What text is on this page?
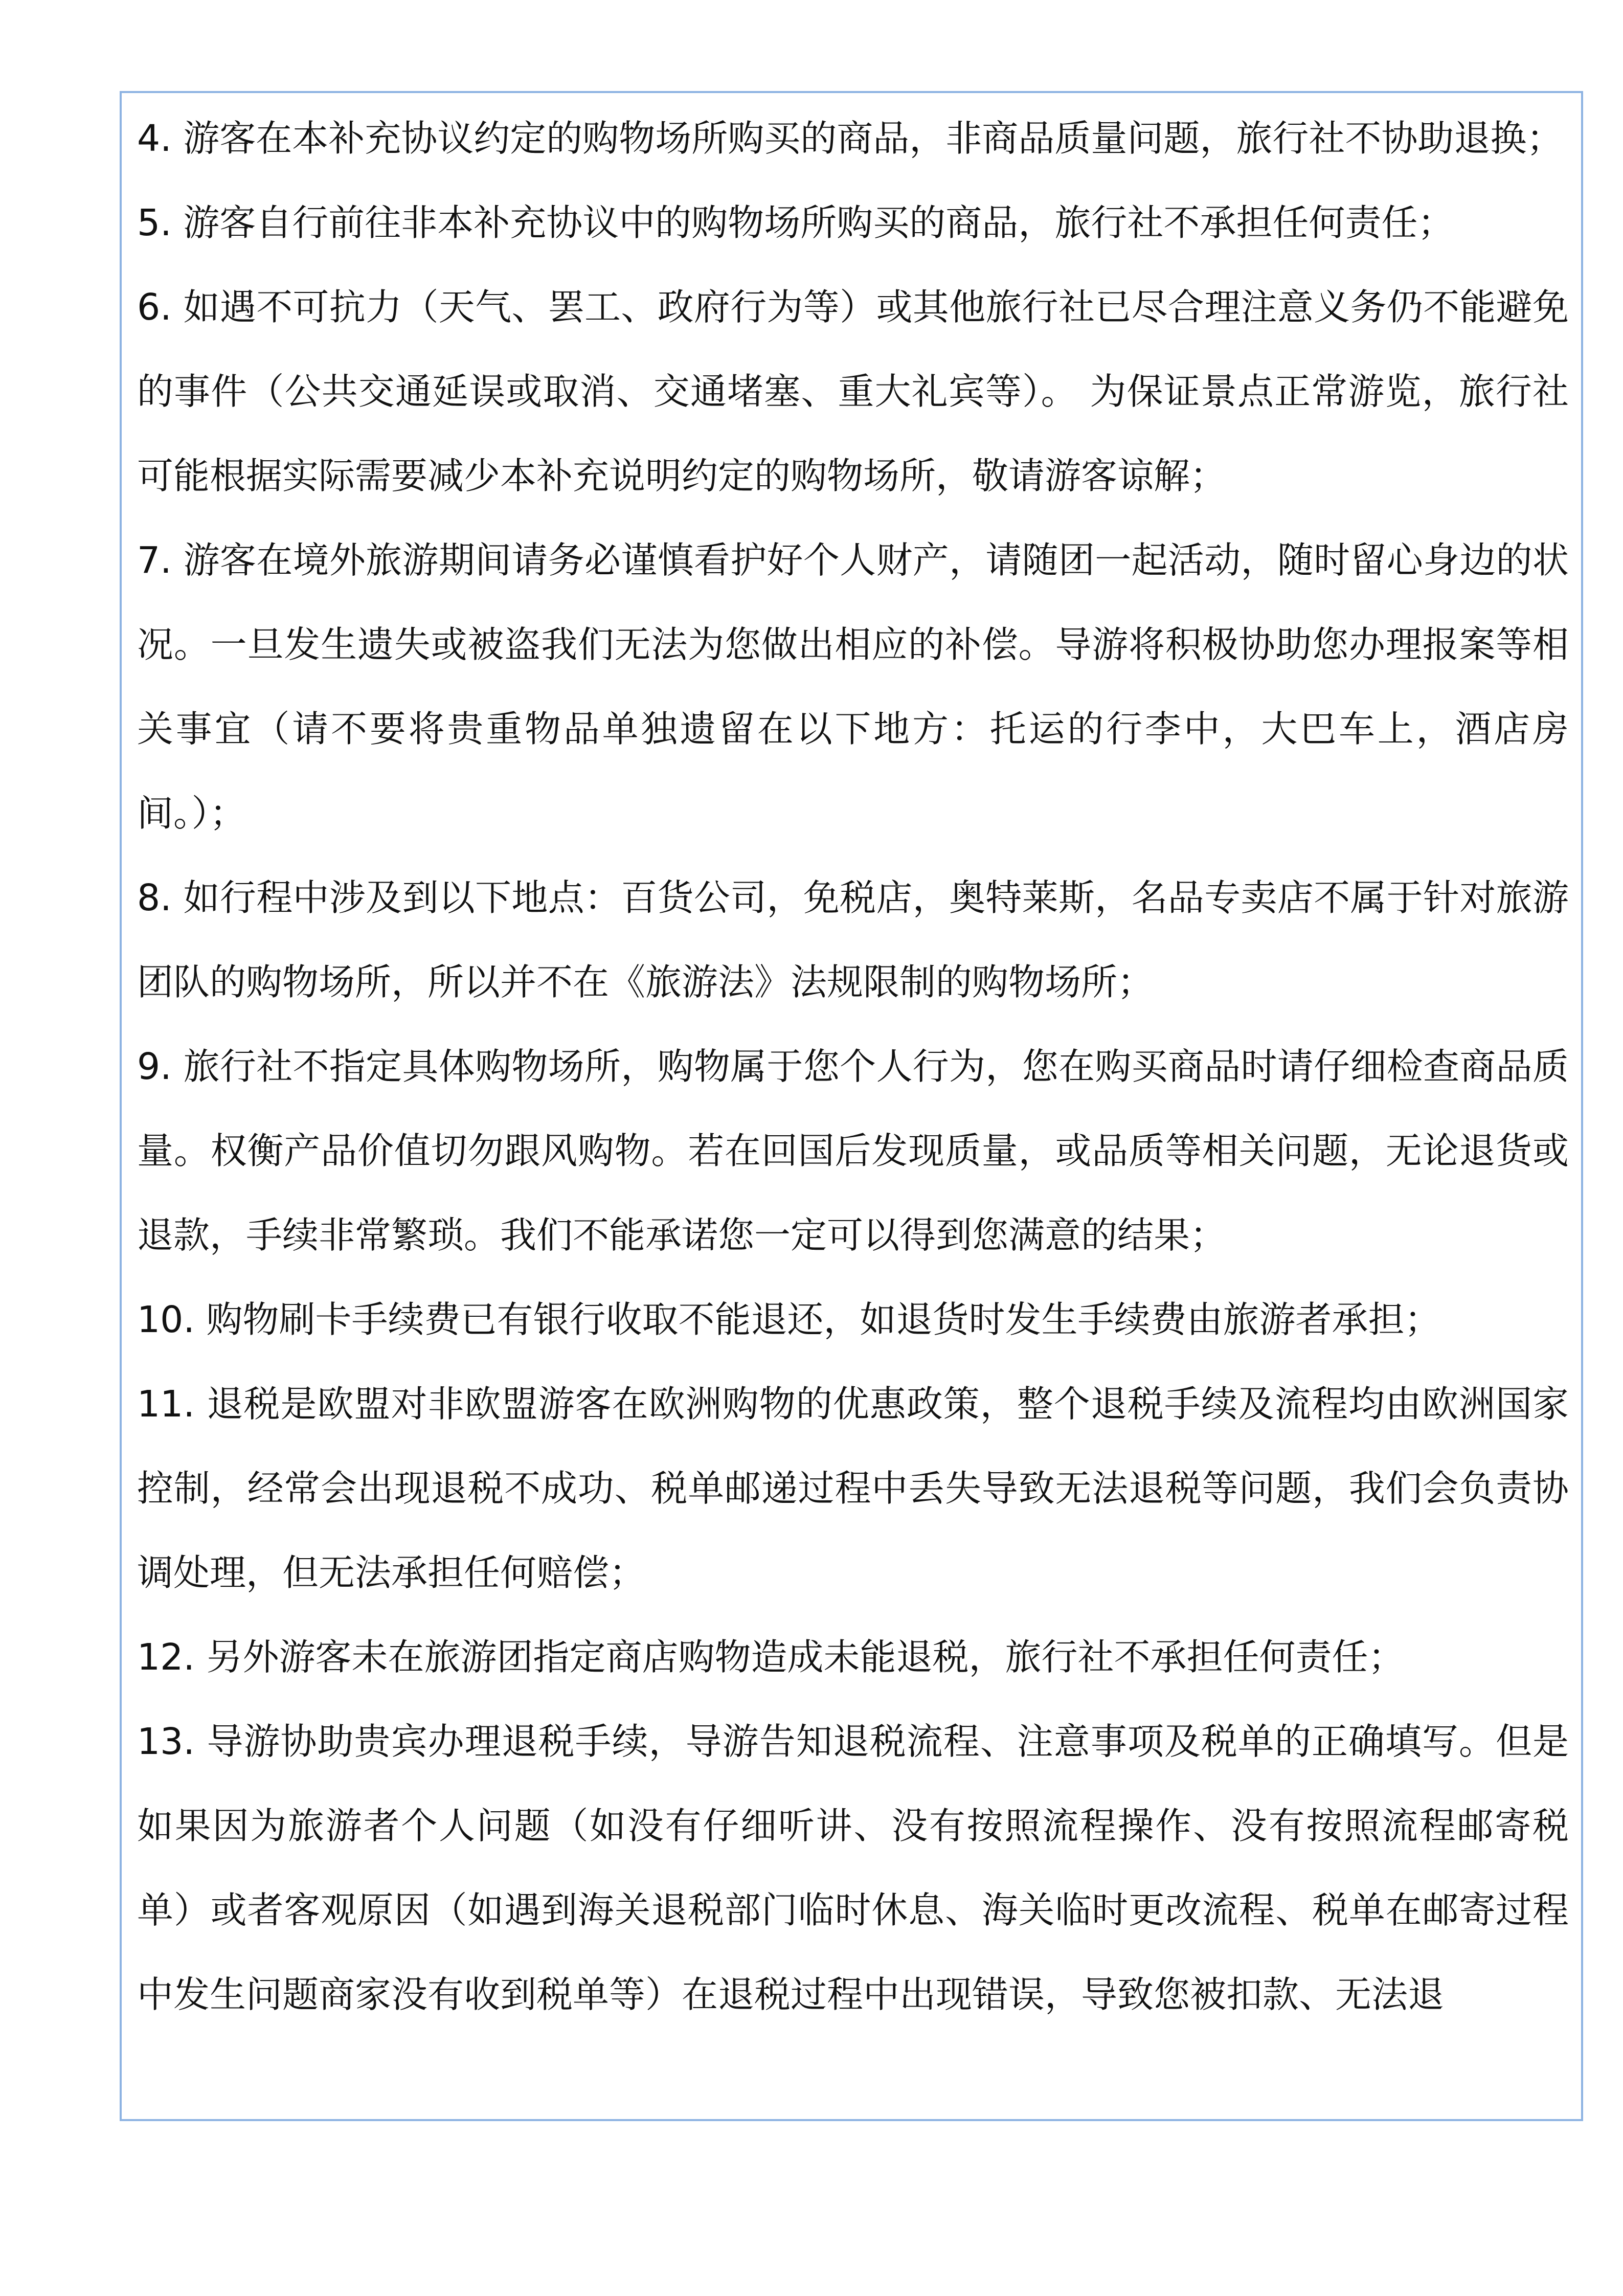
4. 游客在本补充协议约定的购物场所购买的商品，非商品质量问题，旅行社不协助退换；

5. 游客自行前往非本补充协议中的购物场所购买的商品，旅行社不承担任何责任；

6. 如遇不可抗力（天气、罢工、政府行为等）或其他旅行社已尽合理注意义务仍不能避免的事件（公共交通延误或取消、交通堵塞、重大礼宾等）。 为保证景点正常游览，旅行社可能根据实际需要减少本补充说明约定的购物场所，敬请游客谅解；

7. 游客在境外旅游期间请务必谨慎看护好个人财产，请随团一起活动，随时留心身边的状况。一旦发生遗失或被盗我们无法为您做出相应的补偿。导游将积极协助您办理报案等相关事宜（请不要将贵重物品单独遗留在以下地方：托运的行李中，大巴车上，酒店房间。）；

8. 如行程中涉及到以下地点：百货公司，免税店，奥特莱斯，名品专卖店不属于针对旅游团队的购物场所，所以并不在《旅游法》法规限制的购物场所；

9. 旅行社不指定具体购物场所，购物属于您个人行为，您在购买商品时请仔细检查商品质量。权衡产品价值切勿跟风购物。若在回国后发现质量，或品质等相关问题，无论退货或退款，手续非常繁琐。我们不能承诺您一定可以得到您满意的结果；

10. 购物刷卡手续费已有银行收取不能退还，如退货时发生手续费由旅游者承担；

11. 退税是欧盟对非欧盟游客在欧洲购物的优惠政策，整个退税手续及流程均由欧洲国家控制，经常会出现退税不成功、税单邮递过程中丢失导致无法退税等问题，我们会负责协调处理，但无法承担任何赔偿；

12. 另外游客未在旅游团指定商店购物造成未能退税，旅行社不承担任何责任；

13. 导游协助贵宾办理退税手续，导游告知退税流程、注意事项及税单的正确填写。但是如果因为旅游者个人问题（如没有仔细听讲、没有按照流程操作、没有按照流程邮寄税单）或者客观原因（如遇到海关退税部门临时休息、海关临时更改流程、税单在邮寄过程中发生问题商家没有收到税单等）在退税过程中出现错误，导致您被扣款、无法退
